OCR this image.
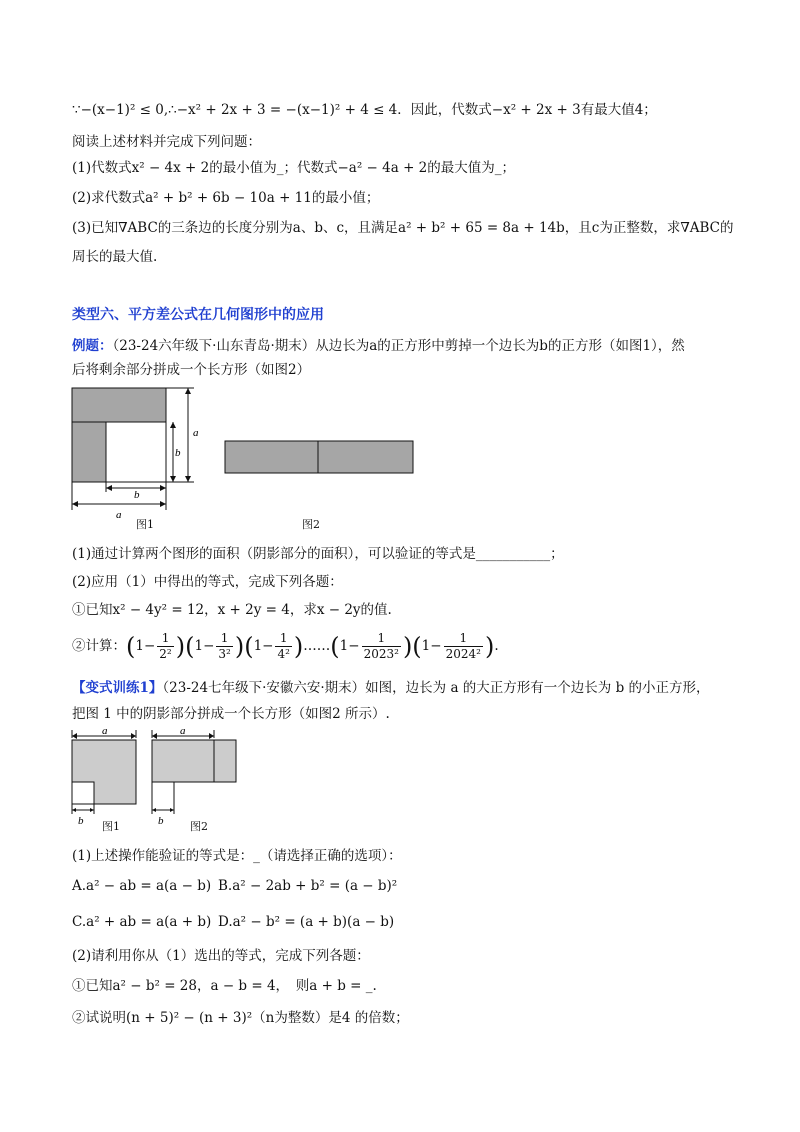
∵−(x−1)² ≤ 0,∴−x² + 2x + 3 = −(x−1)² + 4 ≤ 4．因此，代数式−x² + 2x + 3有最大值4；
阅读上述材料并完成下列问题：
(1)代数式x² − 4x + 2的最小值为_；代数式−a² − 4a + 2的最大值为_；
(2)求代数式a² + b² + 6b − 10a + 11的最小值；
(3)已知∇ABC的三条边的长度分别为a、b、c，且满足a² + b² + 65 = 8a + 14b，且c为正整数，求∇ABC的
周长的最大值.
类型六、平方差公式在几何图形中的应用
例题：（23-24六年级下·山东青岛·期末）从边长为a的正方形中剪掉一个边长为b的正方形（如图1），然
后将剩余部分拼成一个长方形（如图2）
a
b
b
a
图1	图2
(1)通过计算两个图形的面积（阴影部分的面积），可以验证的等式是___________；
(2)应用（1）中得出的等式，完成下列各题：
①已知x² − 4y² = 12，x + 2y = 4，求x − 2y的值.
②计算：$(1- \frac{1}{\text{2²}} )(1- \frac{1}{\text{3²}} )(1- \frac{1}{\text{4²}}$ )……(1− $\frac{1}{\text{2023²}} )(1- \frac{1}{\text{2024²}}$ ).
【变式训练1】（23-24七年级下·安徽六安·期末）如图，边长为 a 的大正方形有一个边长为 b 的小正方形，
把图 1 中的阴影部分拼成一个长方形（如图2 所示）.
a
b 图1
a
b 图2
(1)上述操作能验证的等式是：_（请选择正确的选项）：
A.a² − ab = a(a − b) B.a² − 2ab + b² = (a − b)²
C.a² + ab = a(a + b) D.a² − b² = (a + b)(a − b)
(2)请利用你从（1）选出的等式，完成下列各题：
①已知a² − b² = 28，a − b = 4，　则a + b = _.
②试说明(n + 5)² − (n + 3)²（n为整数）是4 的倍数；
